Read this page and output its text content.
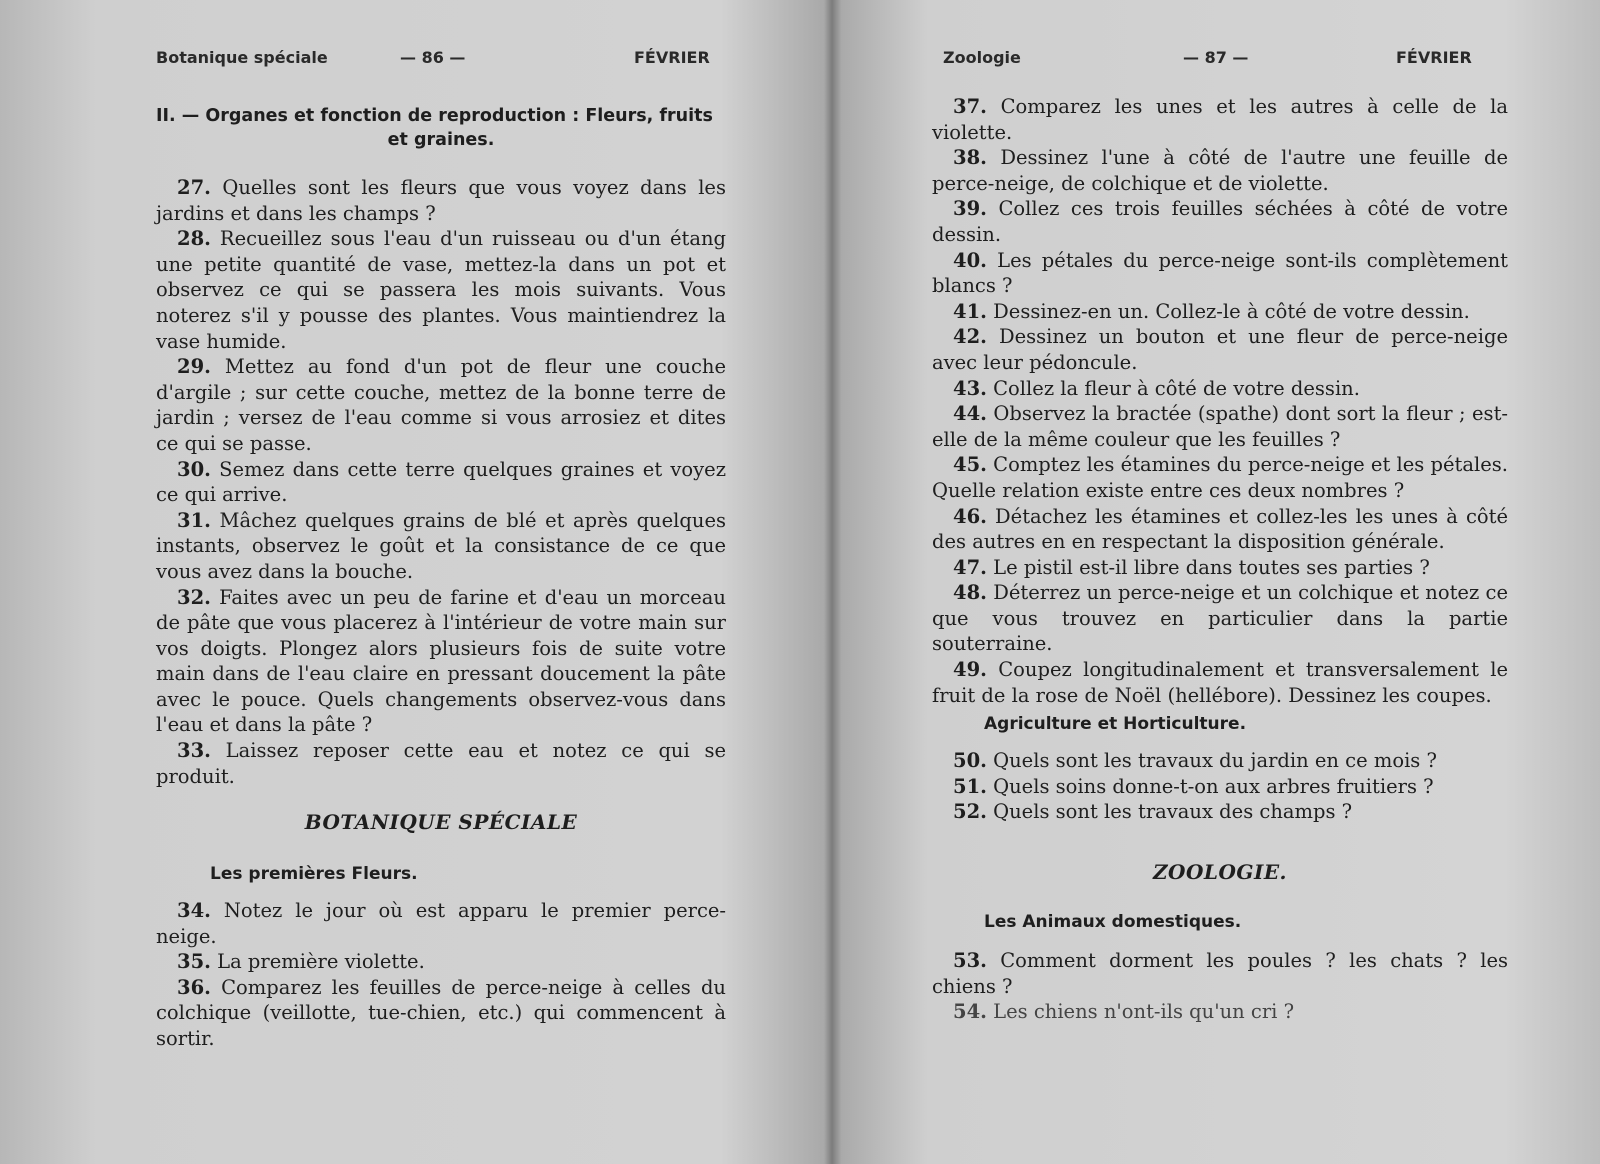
Botanique spéciale	— 86 —	FÉVRIER
II. — Organes et fonction de reproduction : Fleurs, fruits
et graines.

27. Quelles sont les fleurs que vous voyez dans les jardins et dans les champs ?

28. Recueillez sous l'eau d'un ruisseau ou d'un étang une petite quantité de vase, mettez-la dans un pot et observez ce qui se passera les mois suivants. Vous noterez s'il y pousse des plantes. Vous maintiendrez la vase humide.

29. Mettez au fond d'un pot de fleur une couche d'argile ; sur cette couche, mettez de la bonne terre de jardin ; versez de l'eau comme si vous arrosiez et dites ce qui se passe.

30. Semez dans cette terre quelques graines et voyez ce qui arrive.

31. Mâchez quelques grains de blé et après quelques instants, observez le goût et la consistance de ce que vous avez dans la bouche.

32. Faites avec un peu de farine et d'eau un morceau de pâte que vous placerez à l'intérieur de votre main sur vos doigts. Plongez alors plusieurs fois de suite votre main dans de l'eau claire en pressant doucement la pâte avec le pouce. Quels changements observez-vous dans l'eau et dans la pâte ?

33. Laissez reposer cette eau et notez ce qui se produit.

BOTANIQUE SPÉCIALE
Les premières Fleurs.

34. Notez le jour où est apparu le premier perce-neige.

35. La première violette.

36. Comparez les feuilles de perce-neige à celles du colchique (veillotte, tue-chien, etc.) qui commencent à sortir.

Zoologie	— 87 —	FÉVRIER

37. Comparez les unes et les autres à celle de la violette.

38. Dessinez l'une à côté de l'autre une feuille de perce-neige, de colchique et de violette.

39. Collez ces trois feuilles séchées à côté de votre dessin.

40. Les pétales du perce-neige sont-ils complètement blancs ?

41. Dessinez-en un. Collez-le à côté de votre dessin.

42. Dessinez un bouton et une fleur de perce-neige avec leur pédoncule.

43. Collez la fleur à côté de votre dessin.

44. Observez la bractée (spathe) dont sort la fleur ; est-elle de la même couleur que les feuilles ?

45. Comptez les étamines du perce-neige et les pétales. Quelle relation existe entre ces deux nombres ?

46. Détachez les étamines et collez-les les unes à côté des autres en en respectant la disposition générale.

47. Le pistil est-il libre dans toutes ses parties ?

48. Déterrez un perce-neige et un colchique et notez ce que vous trouvez en particulier dans la partie souterraine.

49. Coupez longitudinalement et transversalement le fruit de la rose de Noël (hellébore). Dessinez les coupes.

Agriculture et Horticulture.

50. Quels sont les travaux du jardin en ce mois ?

51. Quels soins donne-t-on aux arbres fruitiers ?

52. Quels sont les travaux des champs ?

ZOOLOGIE.
Les Animaux domestiques.

53. Comment dorment les poules ? les chats ? les chiens ?

54. Les chiens n'ont-ils qu'un cri ?
